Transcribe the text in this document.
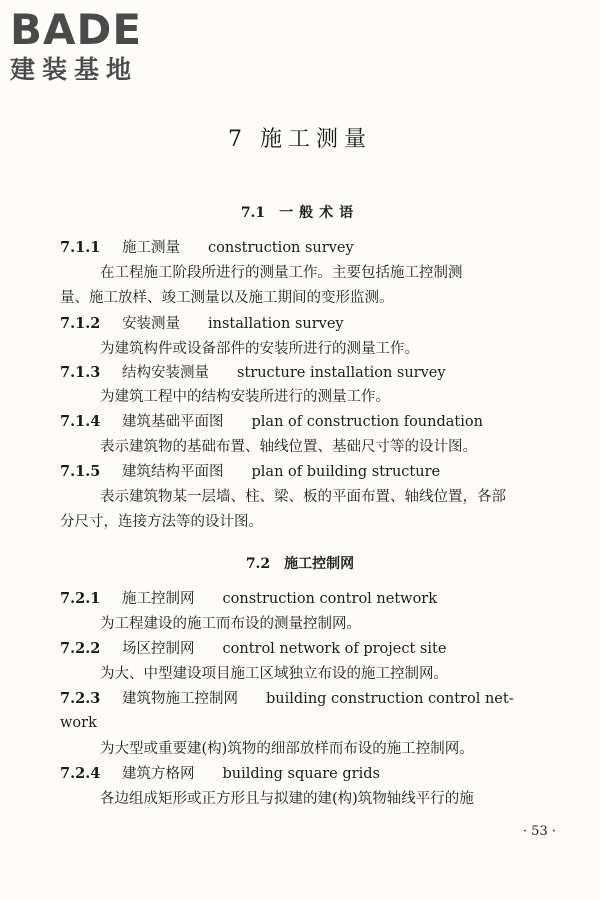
BADE
建装基地
7 施工测量
7.1 一般术语
7.1.1 施工测量 construction survey
在工程施工阶段所进行的测量工作。主要包括施工控制测
量、施工放样、竣工测量以及施工期间的变形监测。
7.1.2 安装测量 installation survey
为建筑构件或设备部件的安装所进行的测量工作。
7.1.3 结构安装测量 structure installation survey
为建筑工程中的结构安装所进行的测量工作。
7.1.4 建筑基础平面图 plan of construction foundation
表示建筑物的基础布置、轴线位置、基础尺寸等的设计图。
7.1.5 建筑结构平面图 plan of building structure
表示建筑物某一层墙、柱、梁、板的平面布置、轴线位置，各部
分尺寸，连接方法等的设计图。
7.2 施工控制网
7.2.1 施工控制网 construction control network
为工程建设的施工而布设的测量控制网。
7.2.2 场区控制网 control network of project site
为大、中型建设项目施工区域独立布设的施工控制网。
7.2.3 建筑物施工控制网 building construction control net-
work
为大型或重要建(构)筑物的细部放样而布设的施工控制网。
7.2.4 建筑方格网 building square grids
各边组成矩形或正方形且与拟建的建(构)筑物轴线平行的施
· 53 ·
